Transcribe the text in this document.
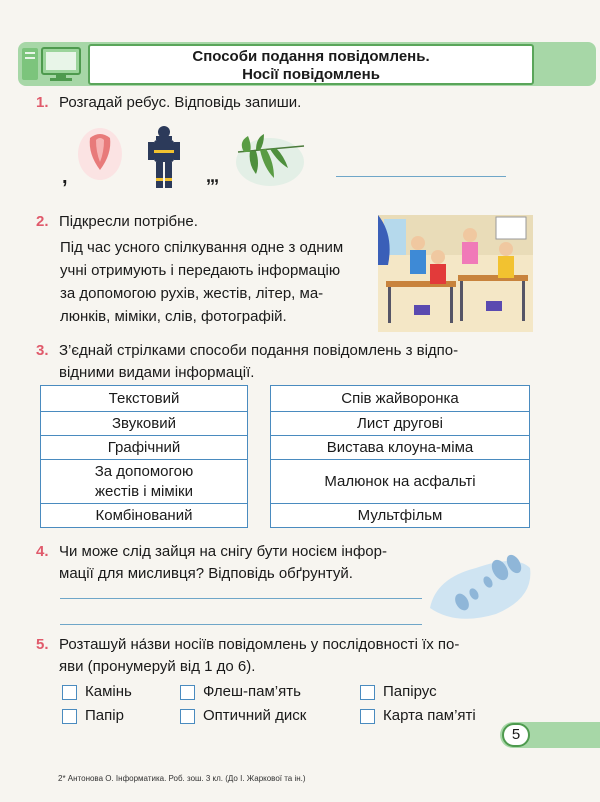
Способи подання повідомлень.
Носії повідомлень
1. Розгадай ребус. Відповідь запиши.
,	,,,
2. Підкресли потрібне.
Під час усного спілкування одне з одним
учні отримують і передають інформацію
за допомогою рухів, жестів, літер, ма-
люнків, міміки, слів, фотографій.
3. З’єднай стрілками способи подання повідомлень з відпо-
відними видами інформації.
Текстовий
Звуковий
Графічний

За допомогою
жестів і міміки

Комбінований
Спів жайворонка
Лист другові
Вистава клоуна-міма
Малюнок на асфальті
Мультфільм
4. Чи може слід зайця на снігу бути носієм інфор-
мації для мисливця? Відповідь обґрунтуй.
5. Розташуй на́зви носіїв повідомлень у послідовності їх по-
яви (пронумеруй від 1 до 6).
Камінь	Флеш-пам’ять	Папірус
Папір	Оптичний диск	Карта пам’яті
5
2* Антонова О. Інформатика. Роб. зош. 3 кл. (До І. Жаркової та ін.)
